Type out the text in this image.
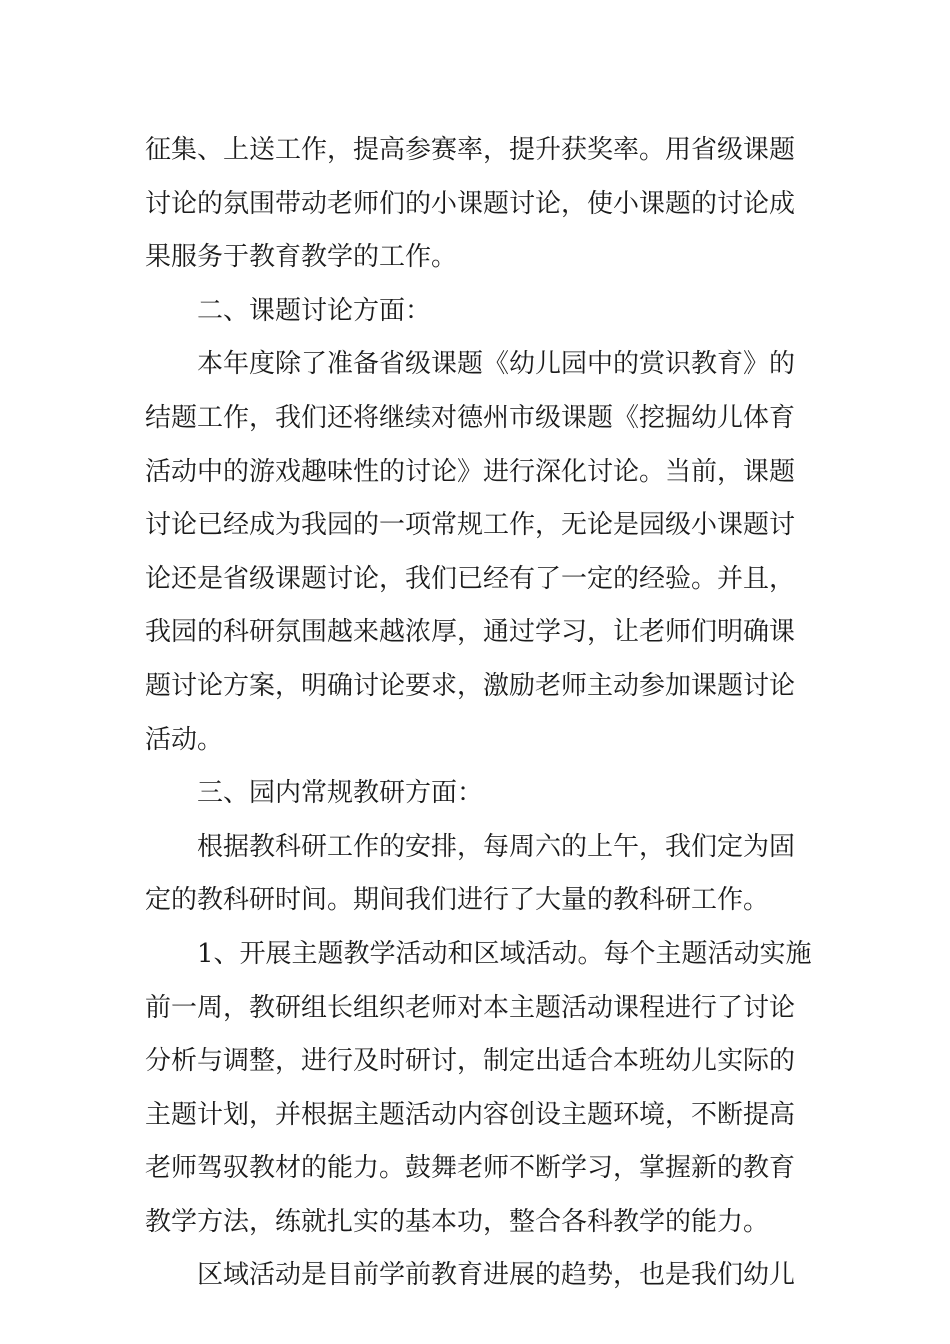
征集、上送工作，提高参赛率，提升获奖率。用省级课题
讨论的氛围带动老师们的小课题讨论，使小课题的讨论成
果服务于教育教学的工作。
二、课题讨论方面：
本年度除了准备省级课题《幼儿园中的赏识教育》的
结题工作，我们还将继续对德州市级课题《挖掘幼儿体育
活动中的游戏趣味性的讨论》进行深化讨论。当前，课题
讨论已经成为我园的一项常规工作，无论是园级小课题讨
论还是省级课题讨论，我们已经有了一定的经验。并且，
我园的科研氛围越来越浓厚，通过学习，让老师们明确课
题讨论方案，明确讨论要求，激励老师主动参加课题讨论
活动。
三、园内常规教研方面：
根据教科研工作的安排，每周六的上午，我们定为固
定的教科研时间。期间我们进行了大量的教科研工作。
1、开展主题教学活动和区域活动。每个主题活动实施
前一周，教研组长组织老师对本主题活动课程进行了讨论
分析与调整，进行及时研讨，制定出适合本班幼儿实际的
主题计划，并根据主题活动内容创设主题环境，不断提高
老师驾驭教材的能力。鼓舞老师不断学习，掌握新的教育
教学方法，练就扎实的基本功，整合各科教学的能力。
区域活动是目前学前教育进展的趋势，也是我们幼儿
